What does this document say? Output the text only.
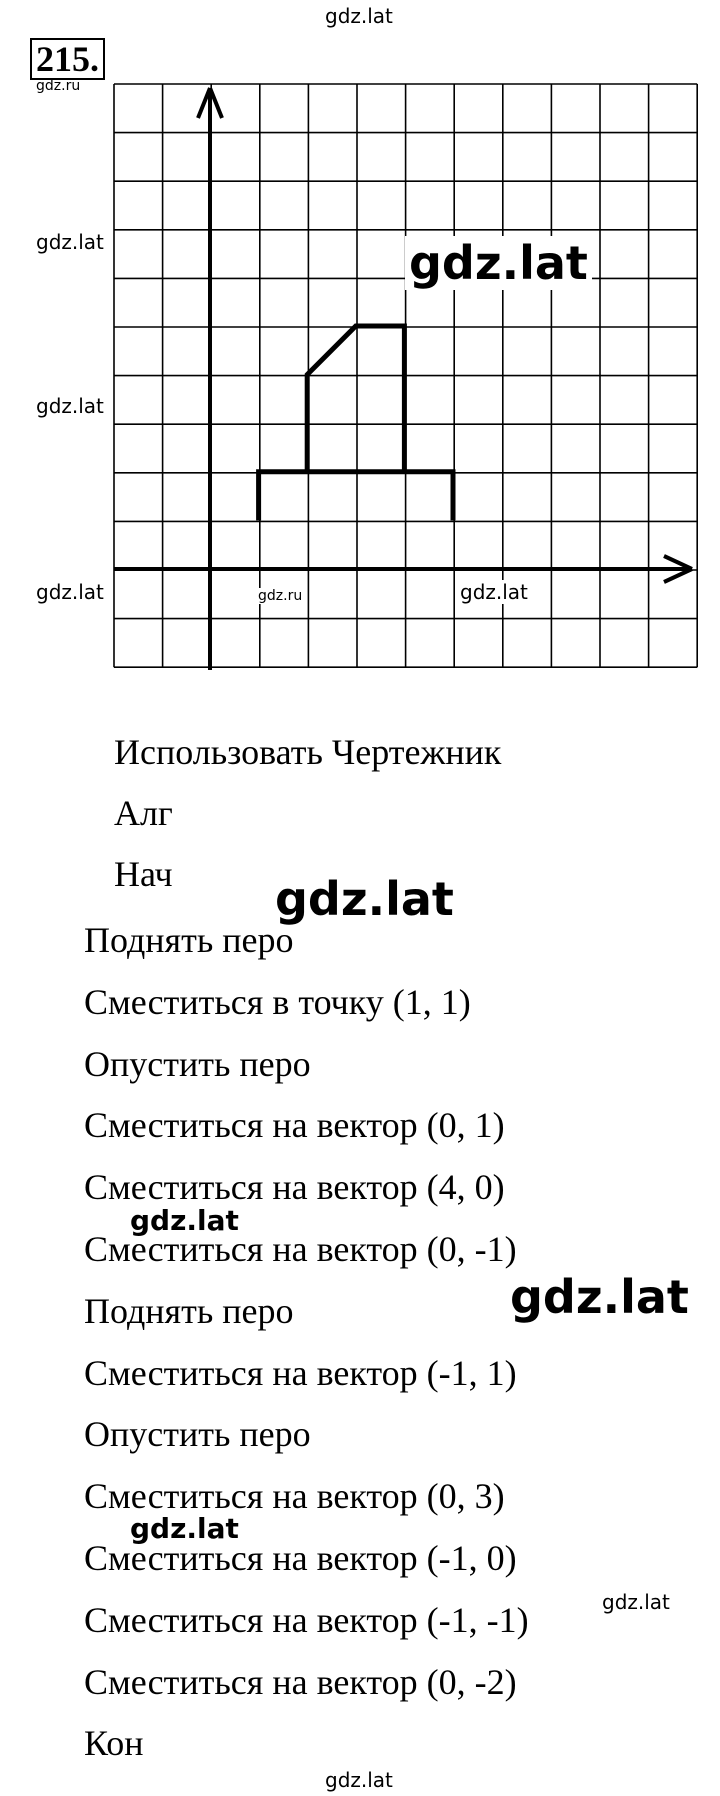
gdz.lat
gdz.ru
gdz.lat
gdz.lat
gdz.lat
215.
gdz.lat
gdz.ru	gdz.lat
Использовать Чертежник
Алг
Нач
Поднять перо
Сместиться в точку (1, 1)
Опустить перо
Сместиться на вектор (0, 1)
Сместиться на вектор (4, 0)
Сместиться на вектор (0, -1)
Поднять перо
Сместиться на вектор (-1, 1)
Опустить перо
Сместиться на вектор (0, 3)
Сместиться на вектор (-1, 0)
Сместиться на вектор (-1, -1)
Сместиться на вектор (0, -2)
Кон
gdz.lat
gdz.lat
gdz.lat
gdz.lat
gdz.lat
gdz.lat
